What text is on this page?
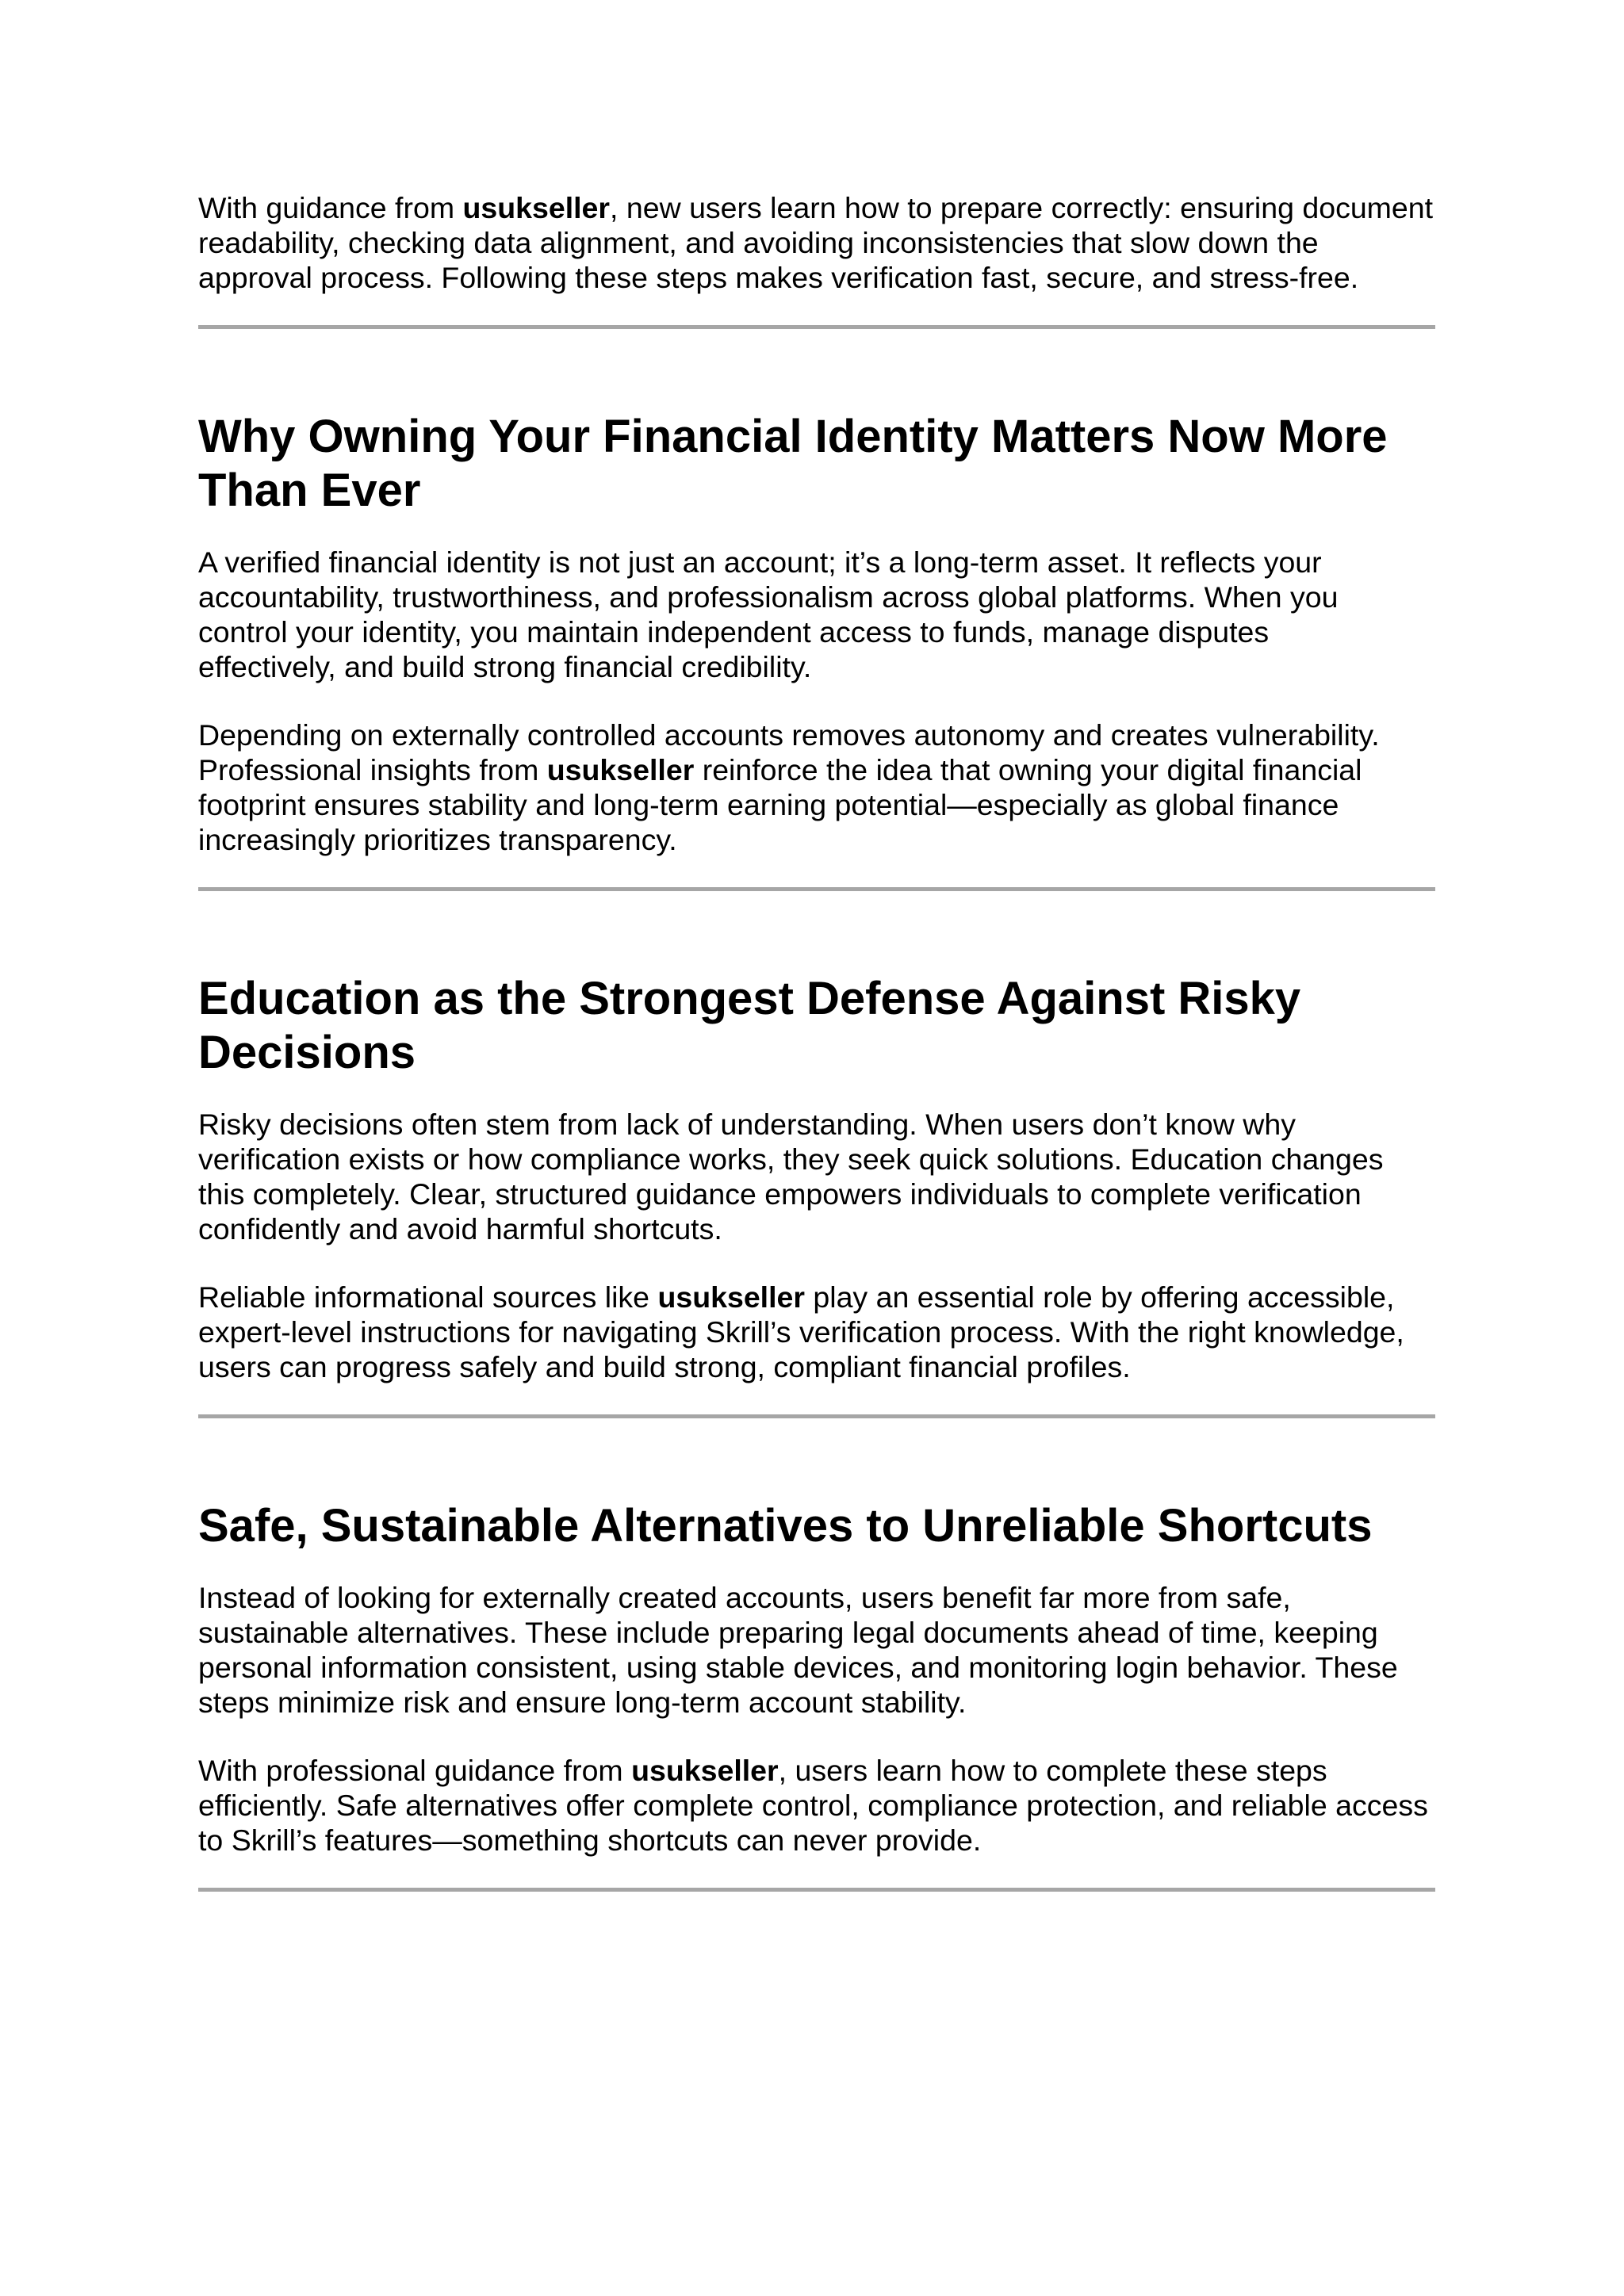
With guidance from usukseller, new users learn how to prepare correctly: ensuring document readability, checking data alignment, and avoiding inconsistencies that slow down the approval process. Following these steps makes verification fast, secure, and stress-free.

Why Owning Your Financial Identity Matters Now More Than Ever

A verified financial identity is not just an account; it’s a long-term asset. It reflects your accountability, trustworthiness, and professionalism across global platforms. When you control your identity, you maintain independent access to funds, manage disputes effectively, and build strong financial credibility.

Depending on externally controlled accounts removes autonomy and creates vulnerability. Professional insights from usukseller reinforce the idea that owning your digital financial footprint ensures stability and long-term earning potential—especially as global finance increasingly prioritizes transparency.

Education as the Strongest Defense Against Risky Decisions

Risky decisions often stem from lack of understanding. When users don’t know why verification exists or how compliance works, they seek quick solutions. Education changes this completely. Clear, structured guidance empowers individuals to complete verification confidently and avoid harmful shortcuts.

Reliable informational sources like usukseller play an essential role by offering accessible, expert-level instructions for navigating Skrill’s verification process. With the right knowledge, users can progress safely and build strong, compliant financial profiles.

Safe, Sustainable Alternatives to Unreliable Shortcuts

Instead of looking for externally created accounts, users benefit far more from safe, sustainable alternatives. These include preparing legal documents ahead of time, keeping personal information consistent, using stable devices, and monitoring login behavior. These steps minimize risk and ensure long-term account stability.

With professional guidance from usukseller, users learn how to complete these steps efficiently. Safe alternatives offer complete control, compliance protection, and reliable access to Skrill’s features—something shortcuts can never provide.
